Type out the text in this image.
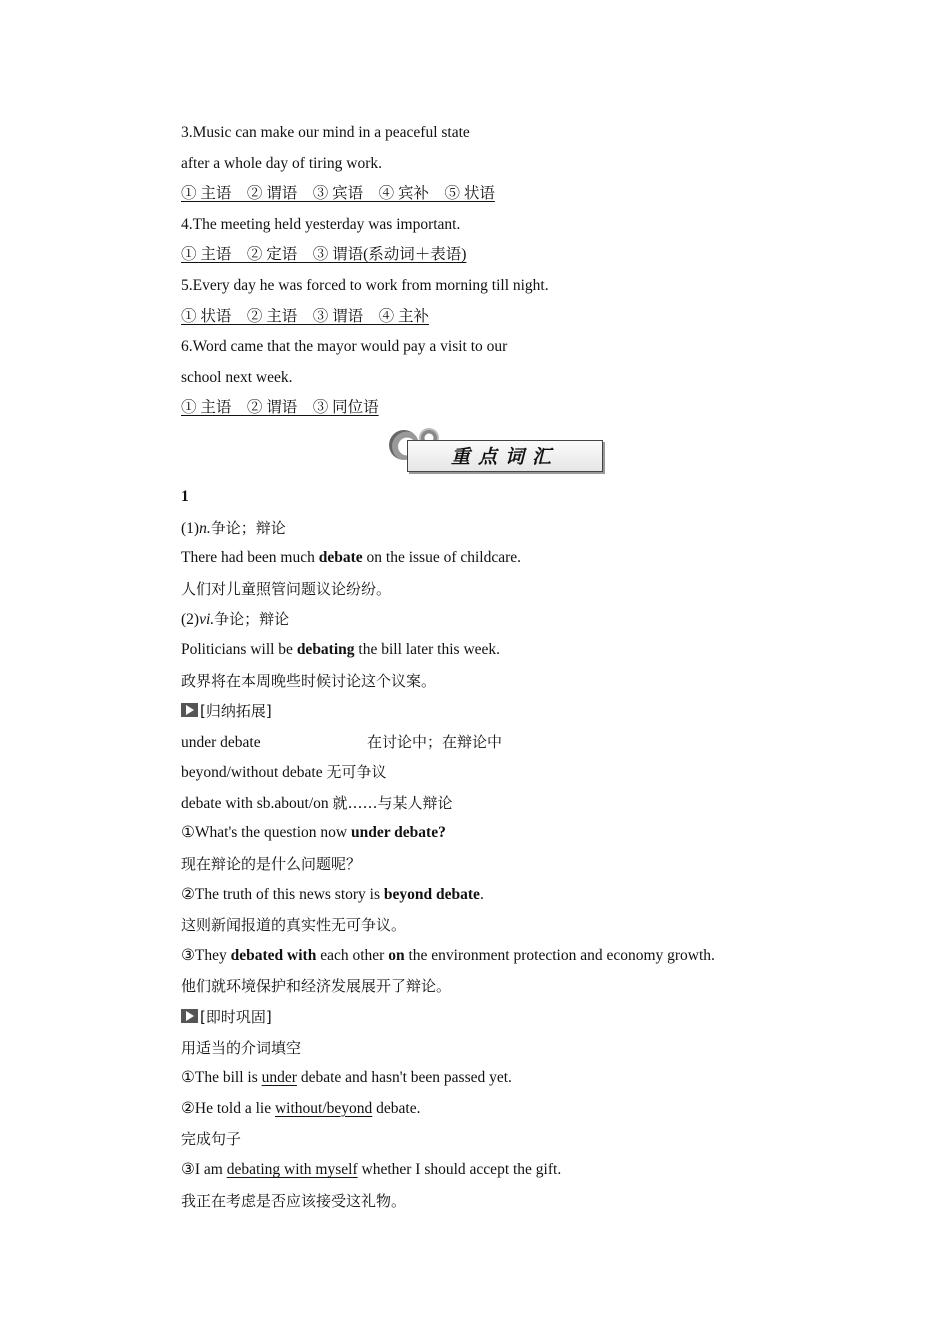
3.Music can make our mind in a peaceful state
after a whole day of tiring work.
① 主语　② 谓语　③ 宾语　④ 宾补　⑤ 状语
4.The meeting held yesterday was important.
① 主语　② 定语　③ 谓语(系动词＋表语)
5.Every day he was forced to work from morning till night.
① 状语　② 主语　③ 谓语　④ 主补
6.Word came that the mayor would pay a visit to our
school next week.
① 主语　② 谓语　③ 同位语
重点词汇
1
(1)n.争论；辩论
There had been much debate on the issue of childcare.
人们对儿童照管问题议论纷纷。
(2)vi.争论；辩论
Politicians will be debating the bill later this week.
政界将在本周晚些时候讨论这个议案。
[归纳拓展]
under debate	在讨论中；在辩论中
beyond/without debate 无可争议
debate with sb.about/on 就……与某人辩论
①What's the question now under debate?
现在辩论的是什么问题呢？
②The truth of this news story is beyond debate.
这则新闻报道的真实性无可争议。
③They debated with each other on the environment protection and economy growth.
他们就环境保护和经济发展展开了辩论。
[即时巩固]
用适当的介词填空
①The bill is under debate and hasn't been passed yet.
②He told a lie without/beyond debate.
完成句子
③I am debating with myself whether I should accept the gift.
我正在考虑是否应该接受这礼物。
